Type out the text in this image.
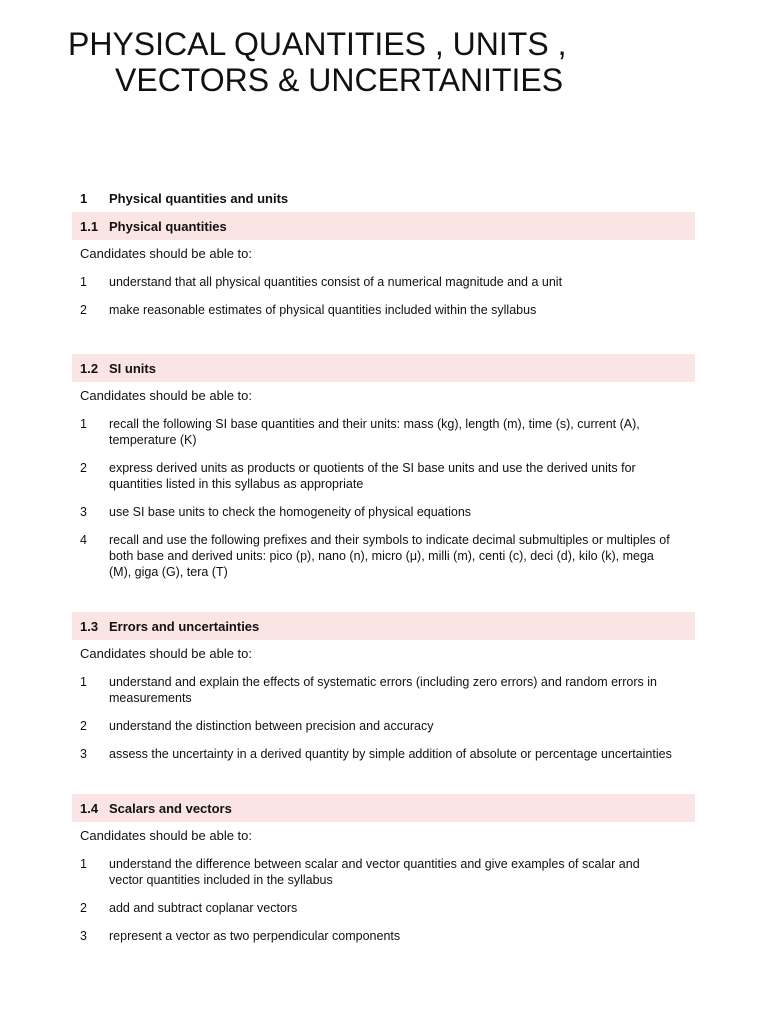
PHYSICAL QUANTITIES , UNITS ,
VECTORS & UNCERTANITIES
1	Physical quantities and units
1.1 Physical quantities
Candidates should be able to:
1	understand that all physical quantities consist of a numerical magnitude and a unit
2	make reasonable estimates of physical quantities included within the syllabus
1.2 SI units
Candidates should be able to:
1	recall the following SI base quantities and their units: mass (kg), length (m), time (s), current (A), temperature (K)
2	express derived units as products or quotients of the SI base units and use the derived units for quantities listed in this syllabus as appropriate
3	use SI base units to check the homogeneity of physical equations
4	recall and use the following prefixes and their symbols to indicate decimal submultiples or multiples of both base and derived units: pico (p), nano (n), micro (μ), milli (m), centi (c), deci (d), kilo (k), mega (M), giga (G), tera (T)
1.3 Errors and uncertainties
Candidates should be able to:
1	understand and explain the effects of systematic errors (including zero errors) and random errors in measurements
2	understand the distinction between precision and accuracy
3	assess the uncertainty in a derived quantity by simple addition of absolute or percentage uncertainties
1.4 Scalars and vectors
Candidates should be able to:
1	understand the difference between scalar and vector quantities and give examples of scalar and vector quantities included in the syllabus
2	add and subtract coplanar vectors
3	represent a vector as two perpendicular components
